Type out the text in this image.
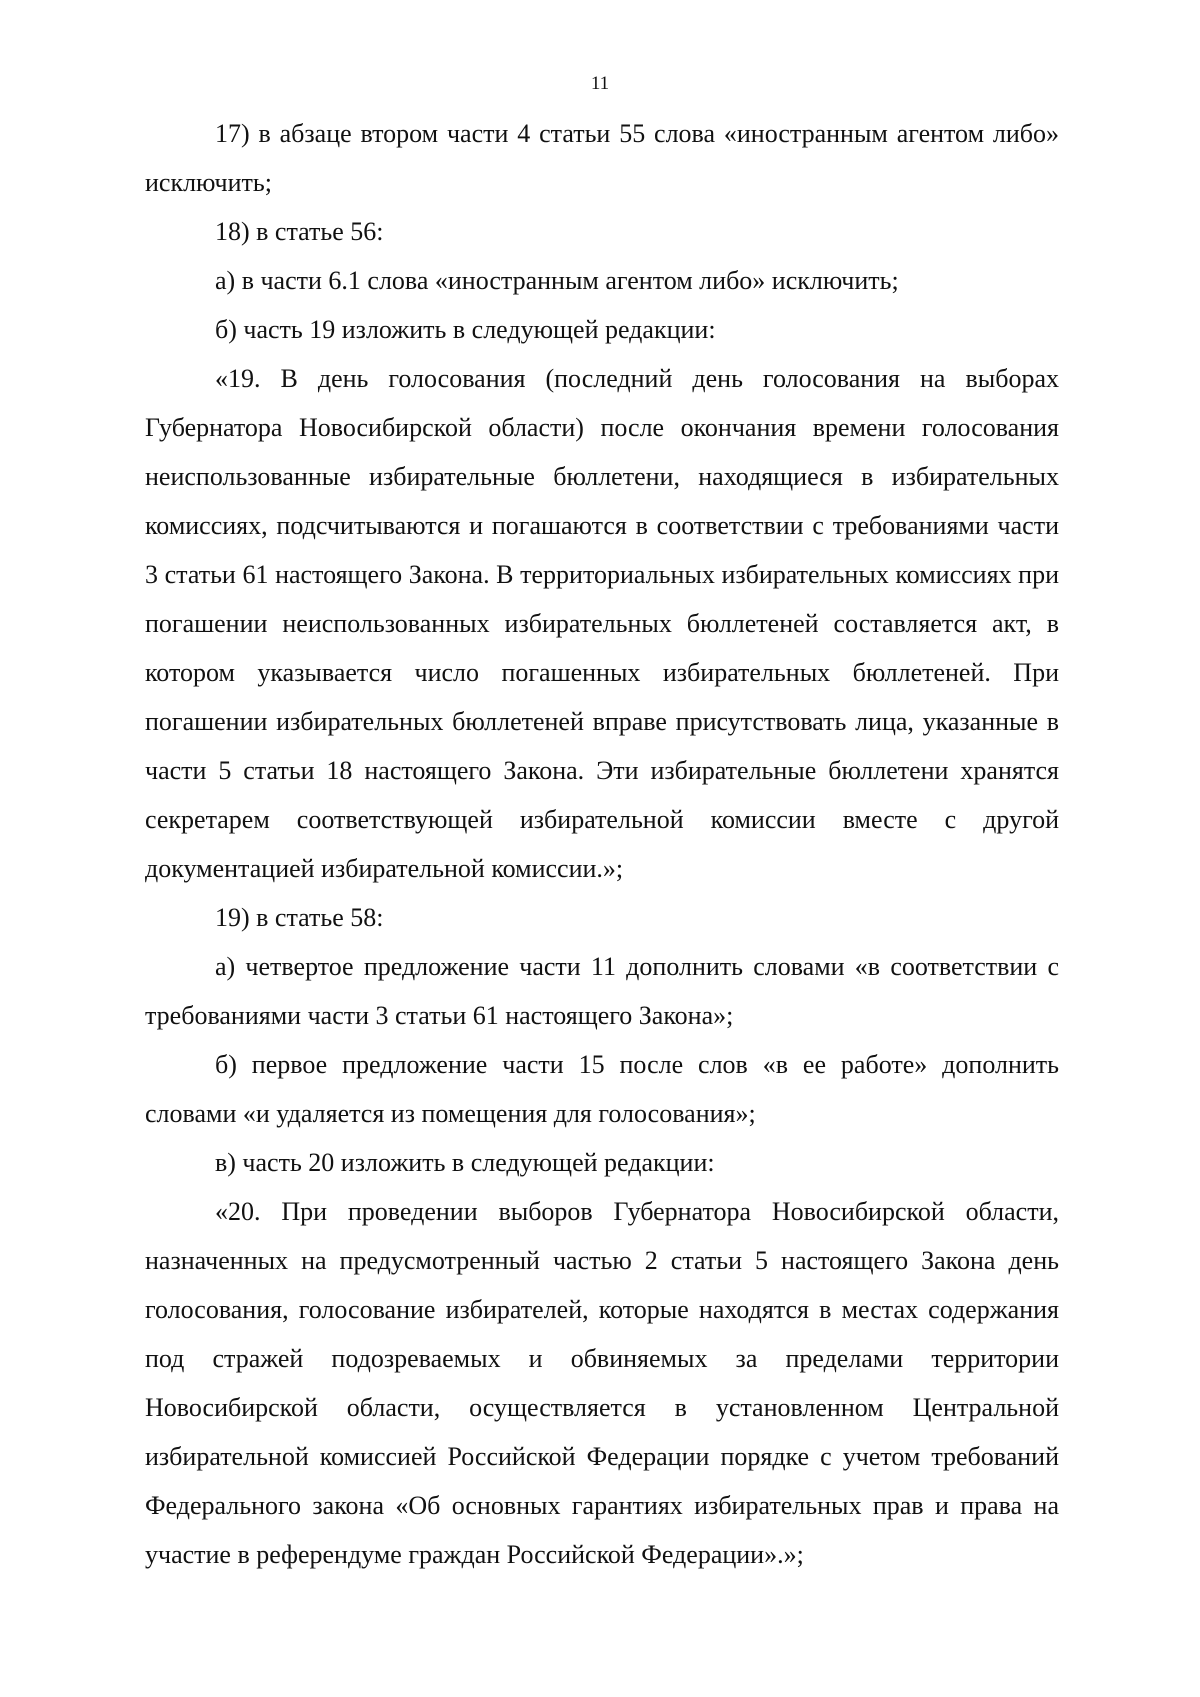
11

17) в абзаце втором части 4 статьи 55 слова «иностранным агентом либо» исключить;

18) в статье 56:

а) в части 6.1 слова «иностранным агентом либо» исключить;

б) часть 19 изложить в следующей редакции:

«19. В день голосования (последний день голосования на выборах Губернатора Новосибирской области) после окончания времени голосования неиспользованные избирательные бюллетени, находящиеся в избирательных комиссиях, подсчитываются и погашаются в соответствии с требованиями части 3 статьи 61 настоящего Закона. В территориальных избирательных комиссиях при погашении неиспользованных избирательных бюллетеней составляется акт, в котором указывается число погашенных избирательных бюллетеней. При погашении избирательных бюллетеней вправе присутствовать лица, указанные в части 5 статьи 18 настоящего Закона. Эти избирательные бюллетени хранятся секретарем соответствующей избирательной комиссии вместе с другой документацией избирательной комиссии.»;

19) в статье 58:

а) четвертое предложение части 11 дополнить словами «в соответствии с требованиями части 3 статьи 61 настоящего Закона»;

б) первое предложение части 15 после слов «в ее работе» дополнить словами «и удаляется из помещения для голосования»;

в) часть 20 изложить в следующей редакции:

«20. При проведении выборов Губернатора Новосибирской области, назначенных на предусмотренный частью 2 статьи 5 настоящего Закона день голосования, голосование избирателей, которые находятся в местах содержания под стражей подозреваемых и обвиняемых за пределами территории Новосибирской области, осуществляется в установленном Центральной избирательной комиссией Российской Федерации порядке с учетом требований Федерального закона «Об основных гарантиях избирательных прав и права на участие в референдуме граждан Российской Федерации».»;
